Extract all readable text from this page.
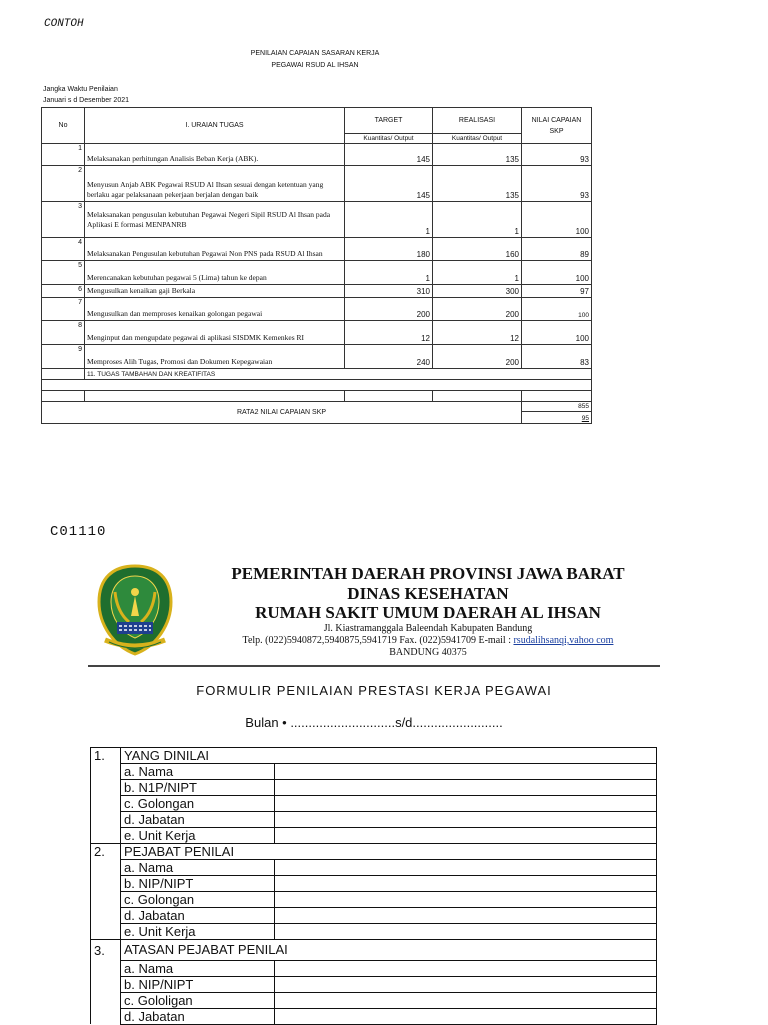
CONTOH
PENILAIAN CAPAIAN SASARAN KERJA
PEGAWAI RSUD AL IHSAN
Jangka Waktu Penilaian
Januari s d Desember 2021
No	I. URAIAN TUGAS	TARGET	REALISASI	NILAI CAPAIAN SKP
		Kuantitas/ Output	Kuantitas/ Output	
1	Melaksanakan perhitungan Analisis Beban Kerja (ABK).	145	135	93
2	Menyusun Anjab ABK Pegawai RSUD Al Ihsan sesuai dengan ketentuan yang berlaku agar pelaksanaan pekerjaan berjalan dengan baik	145	135	93
3	Melaksanakan pengusulan kebutuhan Pegawai Negeri Sipil RSUD Al Ihsan pada Aplikasi E formasi MENPANRB	1	1	100
4	Melaksanakan Pengusulan kebutuhan Pegawai Non PNS pada RSUD Al Ihsan	180	160	89
5	Merencanakan kebutuhan pegawai 5 (Lima) tahun ke depan	1	1	100
6	Mengusulkan kenaikan gaji Berkala	310	300	97
7	Mengusulkan dan memproses kenaikan golongan pegawai	200	200	100
8	Menginput dan mengupdate pegawai di aplikasi SISDMK Kemenkes RI	12	12	100
9	Memproses Alih Tugas, Promosi dan Dokumen Kepegawaian	240	200	83
	11. TUGAS TAMBAHAN DAN KREATIFITAS			

RATA2 NILAI CAPAIAN SKP				855
				95
C01110
PEMERINTAH DAERAH PROVINSI JAWA BARAT
DINAS KESEHATAN
RUMAH SAKIT UMUM DAERAH AL IHSAN
Jl. Kiastramanggala Baleendah Kabupaten Bandung
Telp. (022)5940872,5940875,5941719 Fax. (022)5941709 E-mail : rsudalihsanqi,vahoo com
BANDUNG 40375
FORMULIR PENILAIAN PRESTASI KERJA PEGAWAI
Bulan • .............................s/d.........................
1.	YANG DINILAI	
	a. Nama	
	b. N1P/NIPT	
	c. Golongan	
	d. Jabatan	
	e. Unit Kerja	
2.	PEJABAT PENILAI	
	a. Nama	
	b. NIP/NIPT	
	c. Golongan	
	d. Jabatan	
	e. Unit Kerja	
3.	ATASAN PEJABAT PENILAI	
	a. Nama	
	b. NIP/NIPT	
	c. Gololigan	
	d. Jabatan	
